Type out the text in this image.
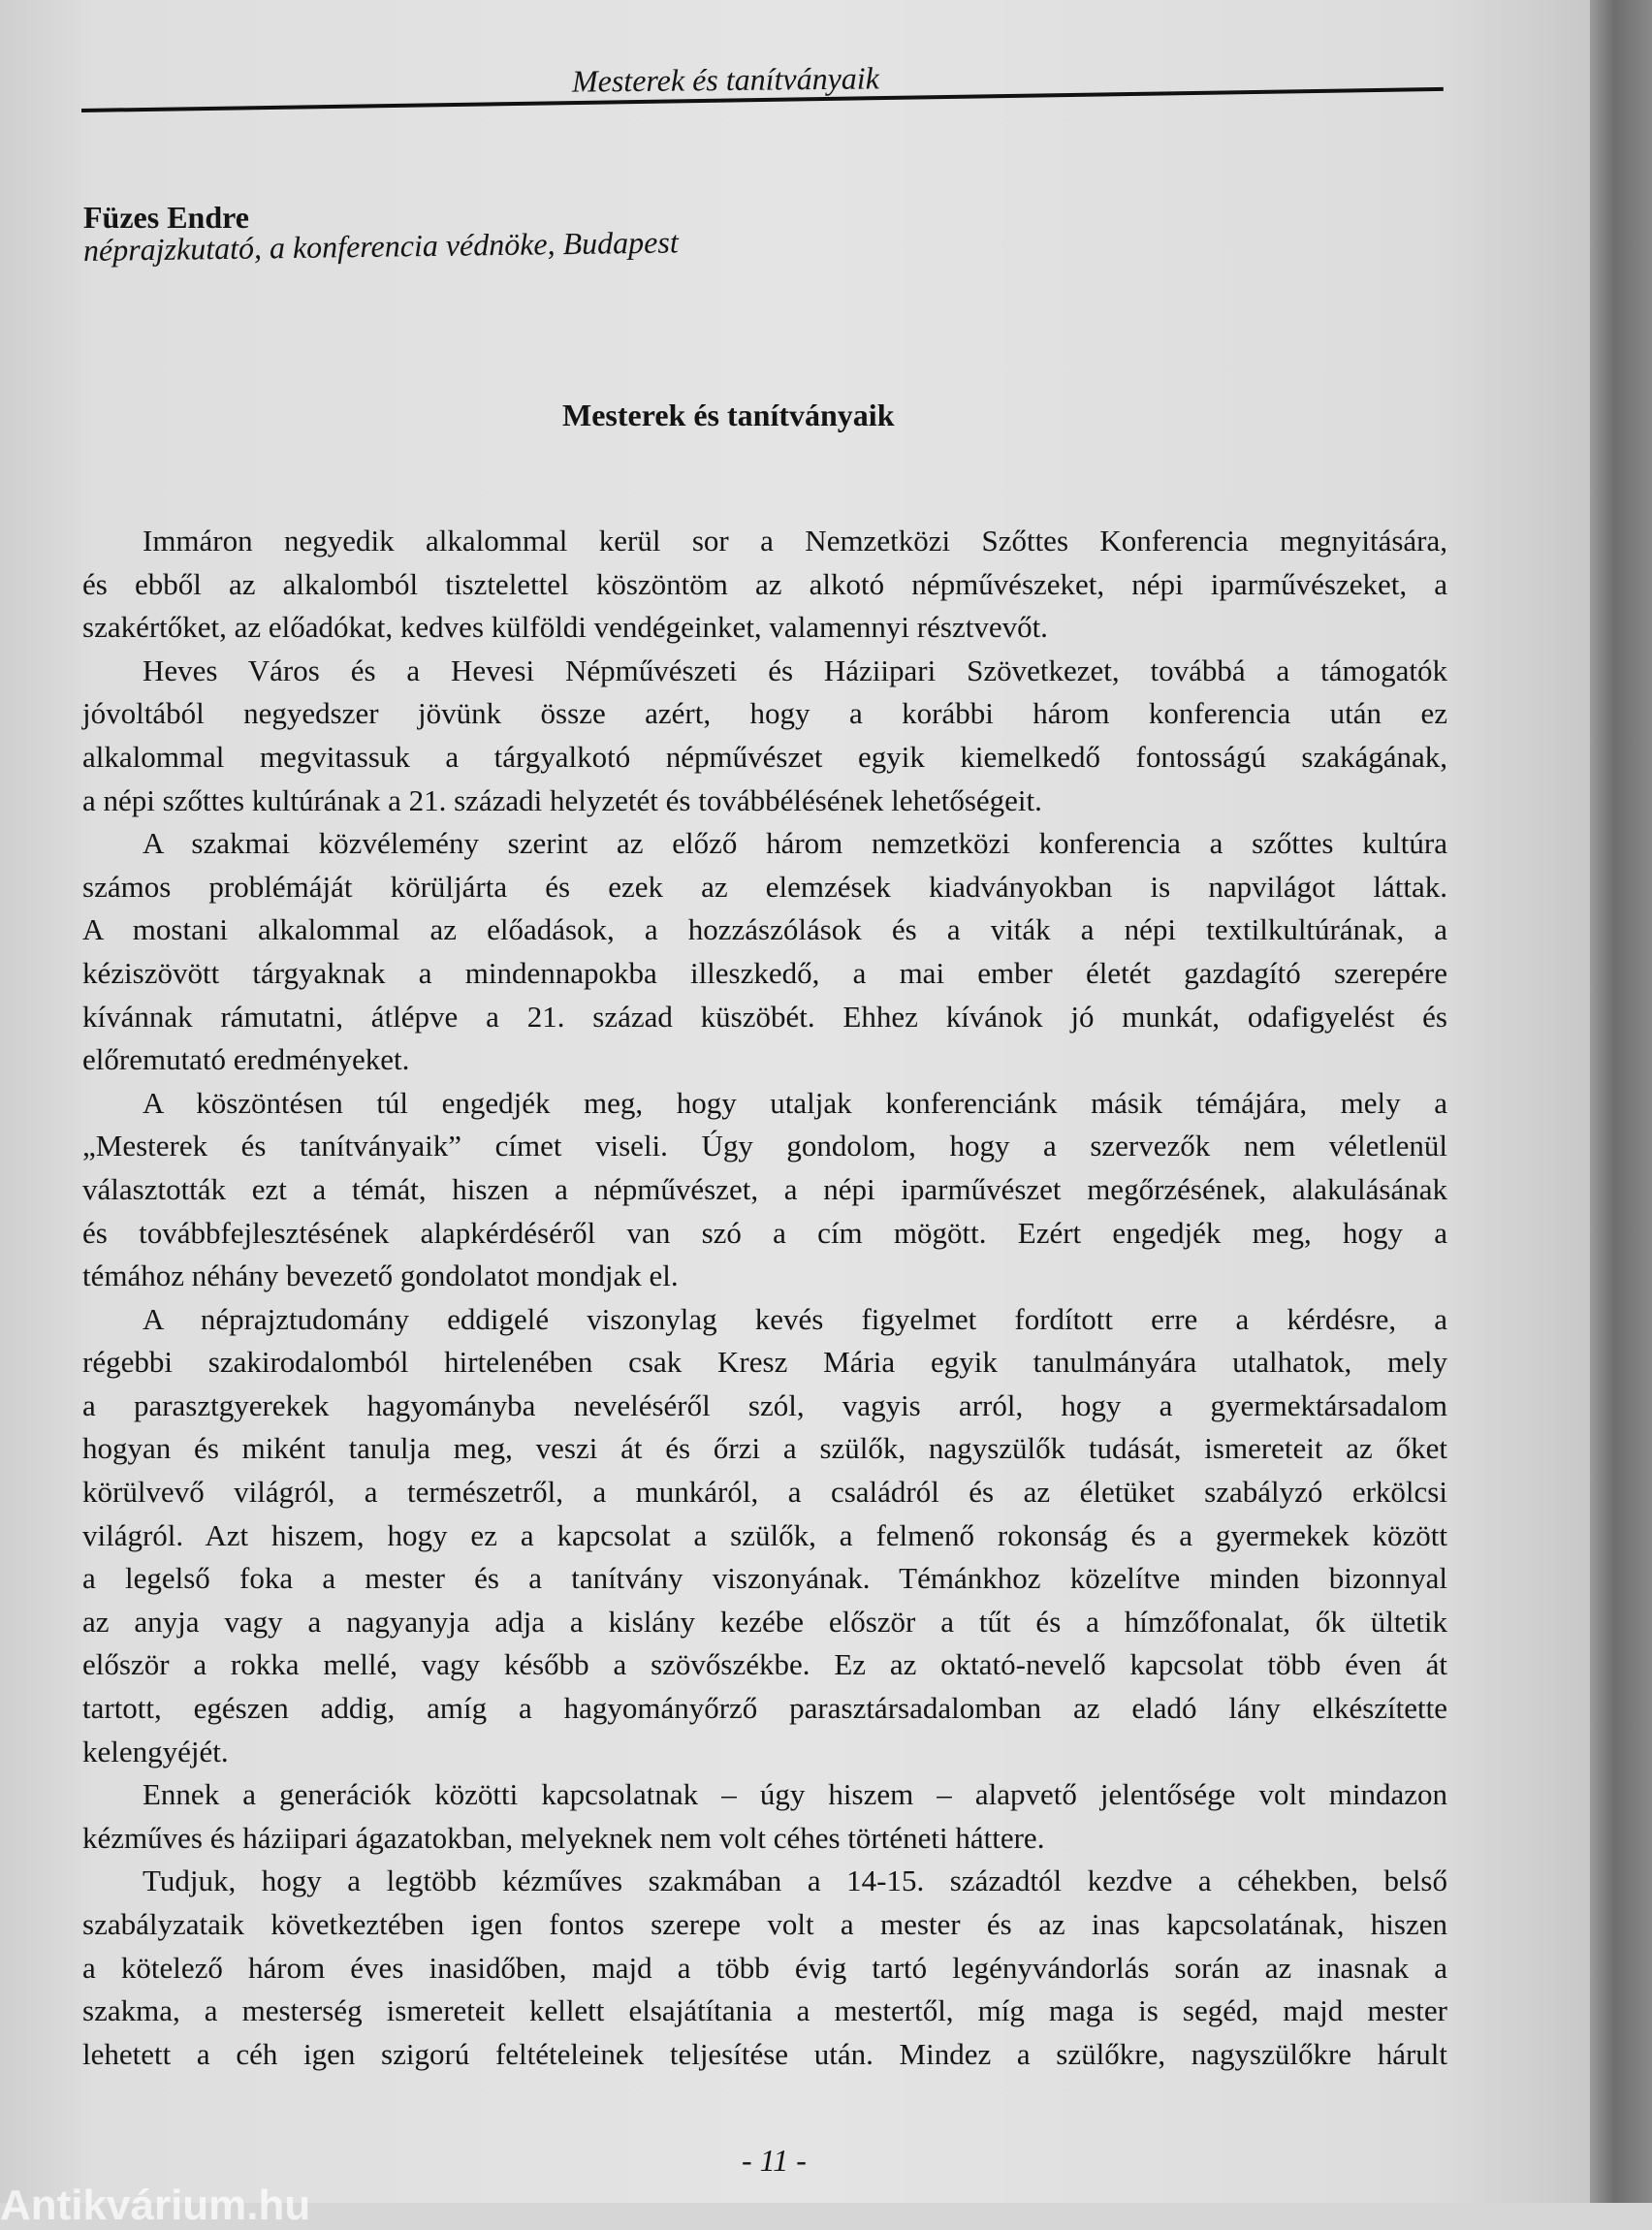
Mesterek és tanítványaik
Füzes Endre
néprajzkutató, a konferencia védnöke, Budapest
Mesterek és tanítványaik
Immáron negyedik alkalommal kerül sor a Nemzetközi Szőttes Konferencia megnyitására,
és ebből az alkalomból tisztelettel köszöntöm az alkotó népművészeket, népi iparművészeket, a
szakértőket, az előadókat, kedves külföldi vendégeinket, valamennyi résztvevőt.
Heves Város és a Hevesi Népművészeti és Háziipari Szövetkezet, továbbá a támogatók
jóvoltából negyedszer jövünk össze azért, hogy a korábbi három konferencia után ez
alkalommal megvitassuk a tárgyalkotó népművészet egyik kiemelkedő fontosságú szakágának,
a népi szőttes kultúrának a 21. századi helyzetét és továbbélésének lehetőségeit.
A szakmai közvélemény szerint az előző három nemzetközi konferencia a szőttes kultúra
számos problémáját körüljárta és ezek az elemzések kiadványokban is napvilágot láttak.
A mostani alkalommal az előadások, a hozzászólások és a viták a népi textilkultúrának, a
kéziszövött tárgyaknak a mindennapokba illeszkedő, a mai ember életét gazdagító szerepére
kívánnak rámutatni, átlépve a 21. század küszöbét. Ehhez kívánok jó munkát, odafigyelést és
előremutató eredményeket.
A köszöntésen túl engedjék meg, hogy utaljak konferenciánk másik témájára, mely a
„Mesterek és tanítványaik” címet viseli. Úgy gondolom, hogy a szervezők nem véletlenül
választották ezt a témát, hiszen a népművészet, a népi iparművészet megőrzésének, alakulásának
és továbbfejlesztésének alapkérdéséről van szó a cím mögött. Ezért engedjék meg, hogy a
témához néhány bevezető gondolatot mondjak el.
A néprajztudomány eddigelé viszonylag kevés figyelmet fordított erre a kérdésre, a
régebbi szakirodalomból hirtelenében csak Kresz Mária egyik tanulmányára utalhatok, mely
a parasztgyerekek hagyományba neveléséről szól, vagyis arról, hogy a gyermektársadalom
hogyan és miként tanulja meg, veszi át és őrzi a szülők, nagyszülők tudását, ismereteit az őket
körülvevő világról, a természetről, a munkáról, a családról és az életüket szabályzó erkölcsi
világról. Azt hiszem, hogy ez a kapcsolat a szülők, a felmenő rokonság és a gyermekek között
a legelső foka a mester és a tanítvány viszonyának. Témánkhoz közelítve minden bizonnyal
az anyja vagy a nagyanyja adja a kislány kezébe először a tűt és a hímzőfonalat, ők ültetik
először a rokka mellé, vagy később a szövőszékbe. Ez az oktató-nevelő kapcsolat több éven át
tartott, egészen addig, amíg a hagyományőrző parasztársadalomban az eladó lány elkészítette
kelengyéjét.
Ennek a generációk közötti kapcsolatnak – úgy hiszem – alapvető jelentősége volt mindazon
kézműves és háziipari ágazatokban, melyeknek nem volt céhes történeti háttere.
Tudjuk, hogy a legtöbb kézműves szakmában a 14-15. századtól kezdve a céhekben, belső
szabályzataik következtében igen fontos szerepe volt a mester és az inas kapcsolatának, hiszen
a kötelező három éves inasidőben, majd a több évig tartó legényvándorlás során az inasnak a
szakma, a mesterség ismereteit kellett elsajátítania a mestertől, míg maga is segéd, majd mester
lehetett a céh igen szigorú feltételeinek teljesítése után. Mindez a szülőkre, nagyszülőkre hárult
- 11 -
Antikvárium.hu
